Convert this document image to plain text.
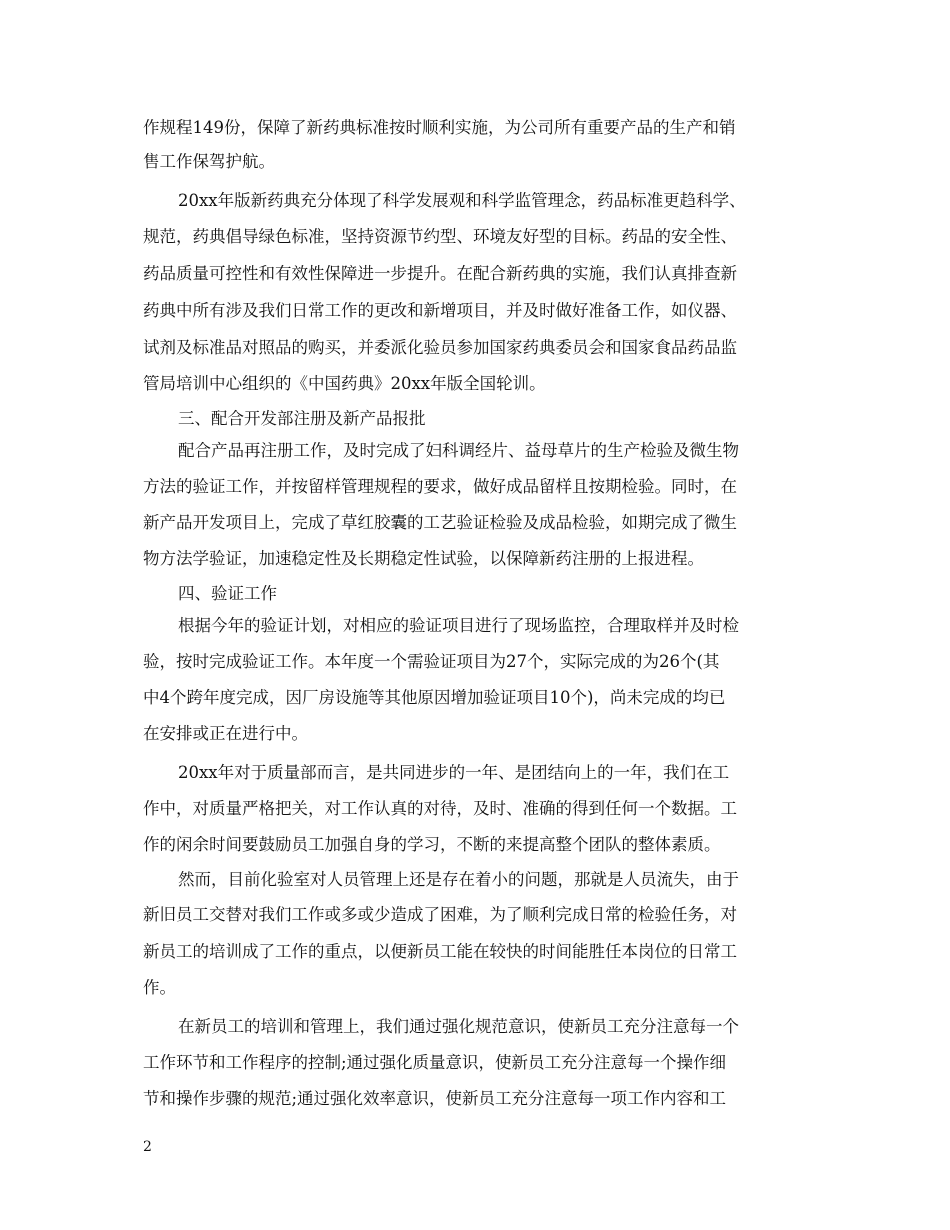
作规程149份，保障了新药典标准按时顺利实施，为公司所有重要产品的生产和销
售工作保驾护航。
20xx年版新药典充分体现了科学发展观和科学监管理念，药品标准更趋科学、
规范，药典倡导绿色标准，坚持资源节约型、环境友好型的目标。药品的安全性、
药品质量可控性和有效性保障进一步提升。在配合新药典的实施，我们认真排查新
药典中所有涉及我们日常工作的更改和新增项目，并及时做好准备工作，如仪器、
试剂及标准品对照品的购买，并委派化验员参加国家药典委员会和国家食品药品监
管局培训中心组织的《中国药典》20xx年版全国轮训。
三、配合开发部注册及新产品报批
配合产品再注册工作，及时完成了妇科调经片、益母草片的生产检验及微生物
方法的验证工作，并按留样管理规程的要求，做好成品留样且按期检验。同时，在
新产品开发项目上，完成了草红胶囊的工艺验证检验及成品检验，如期完成了微生
物方法学验证，加速稳定性及长期稳定性试验，以保障新药注册的上报进程。
四、验证工作
根据今年的验证计划，对相应的验证项目进行了现场监控，合理取样并及时检
验，按时完成验证工作。本年度一个需验证项目为27个，实际完成的为26个(其
中4个跨年度完成，因厂房设施等其他原因增加验证项目10个)，尚未完成的均已
在安排或正在进行中。
20xx年对于质量部而言，是共同进步的一年、是团结向上的一年，我们在工
作中，对质量严格把关，对工作认真的对待，及时、准确的得到任何一个数据。工
作的闲余时间要鼓励员工加强自身的学习，不断的来提高整个团队的整体素质。
然而，目前化验室对人员管理上还是存在着小的问题，那就是人员流失，由于
新旧员工交替对我们工作或多或少造成了困难，为了顺利完成日常的检验任务，对
新员工的培训成了工作的重点，以便新员工能在较快的时间能胜任本岗位的日常工
作。
在新员工的培训和管理上，我们通过强化规范意识，使新员工充分注意每一个
工作环节和工作程序的控制;通过强化质量意识，使新员工充分注意每一个操作细
节和操作步骤的规范;通过强化效率意识，使新员工充分注意每一项工作内容和工
2
